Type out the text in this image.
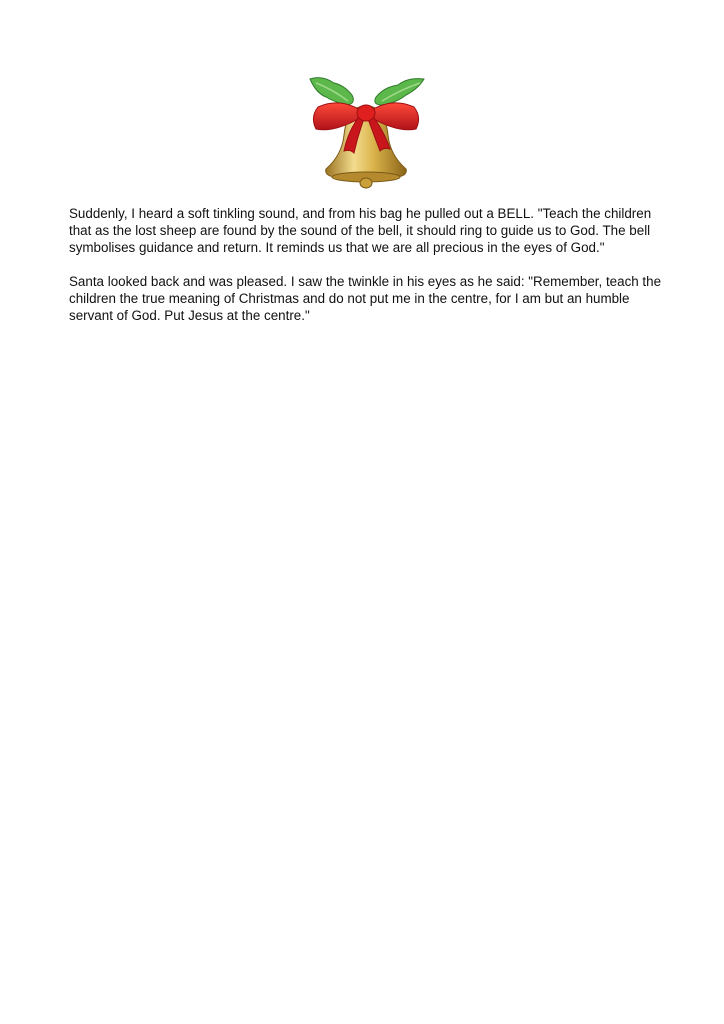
Suddenly, I heard a soft tinkling sound, and from his bag he pulled out a BELL. "Teach the children that as the lost sheep are found by the sound of the bell, it should ring to guide us to God. The bell symbolises guidance and return. It reminds us that we are all precious in the eyes of God."

Santa looked back and was pleased. I saw the twinkle in his eyes as he said: "Remember, teach the children the true meaning of Christmas and do not put me in the centre, for I am but an humble servant of God. Put Jesus at the centre."
